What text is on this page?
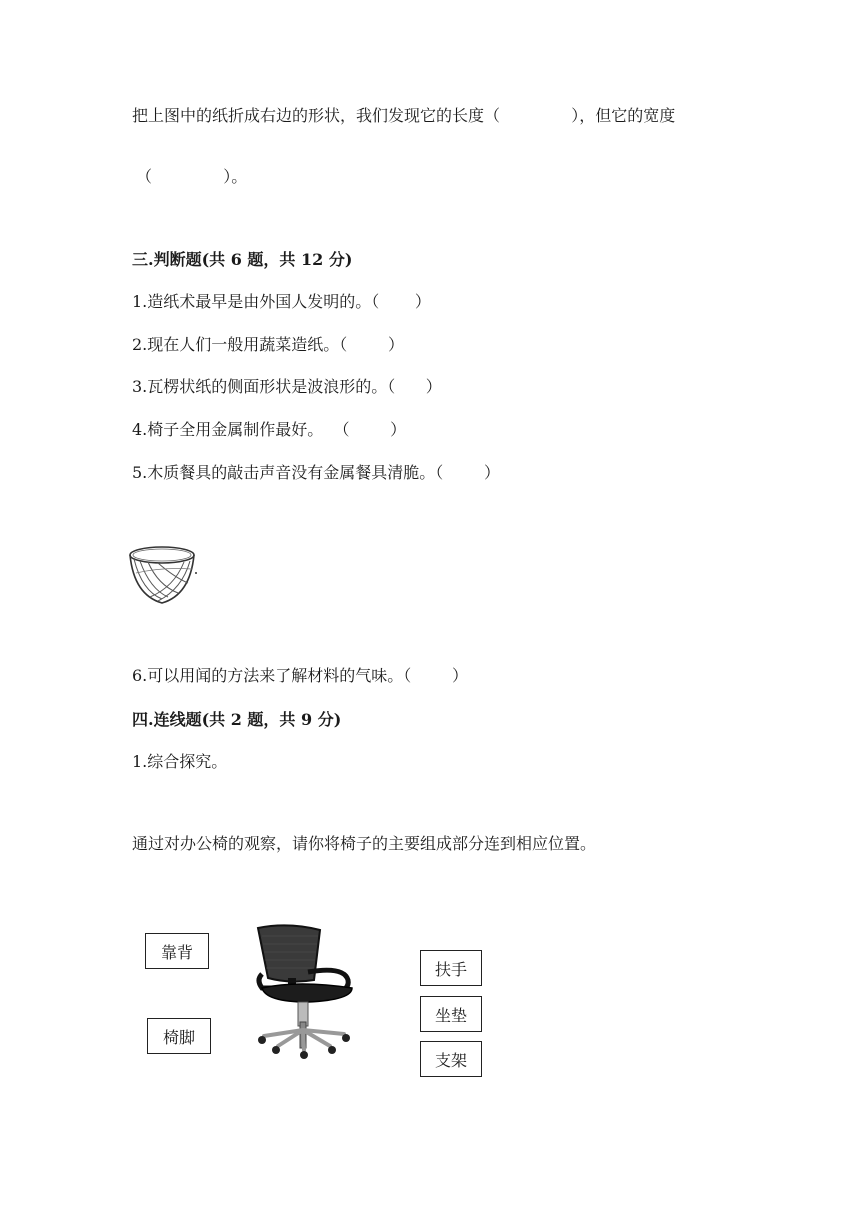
把上图中的纸折成右边的形状，我们发现它的长度（              ），但它的宽度
（              ）。
三.判断题(共 6 题，共 12 分)
1.造纸术最早是由外国人发明的。（       ）
2.现在人们一般用蔬菜造纸。（        ）
3.瓦楞状纸的侧面形状是波浪形的。（      ）
4.椅子全用金属制作最好。  （        ）
5.木质餐具的敲击声音没有金属餐具清脆。（        ）
6.可以用闻的方法来了解材料的气味。（        ）
四.连线题(共 2 题，共 9 分)
1.综合探究。
通过对办公椅的观察，请你将椅子的主要组成部分连到相应位置。
靠背
椅脚
扶手
坐垫
支架
